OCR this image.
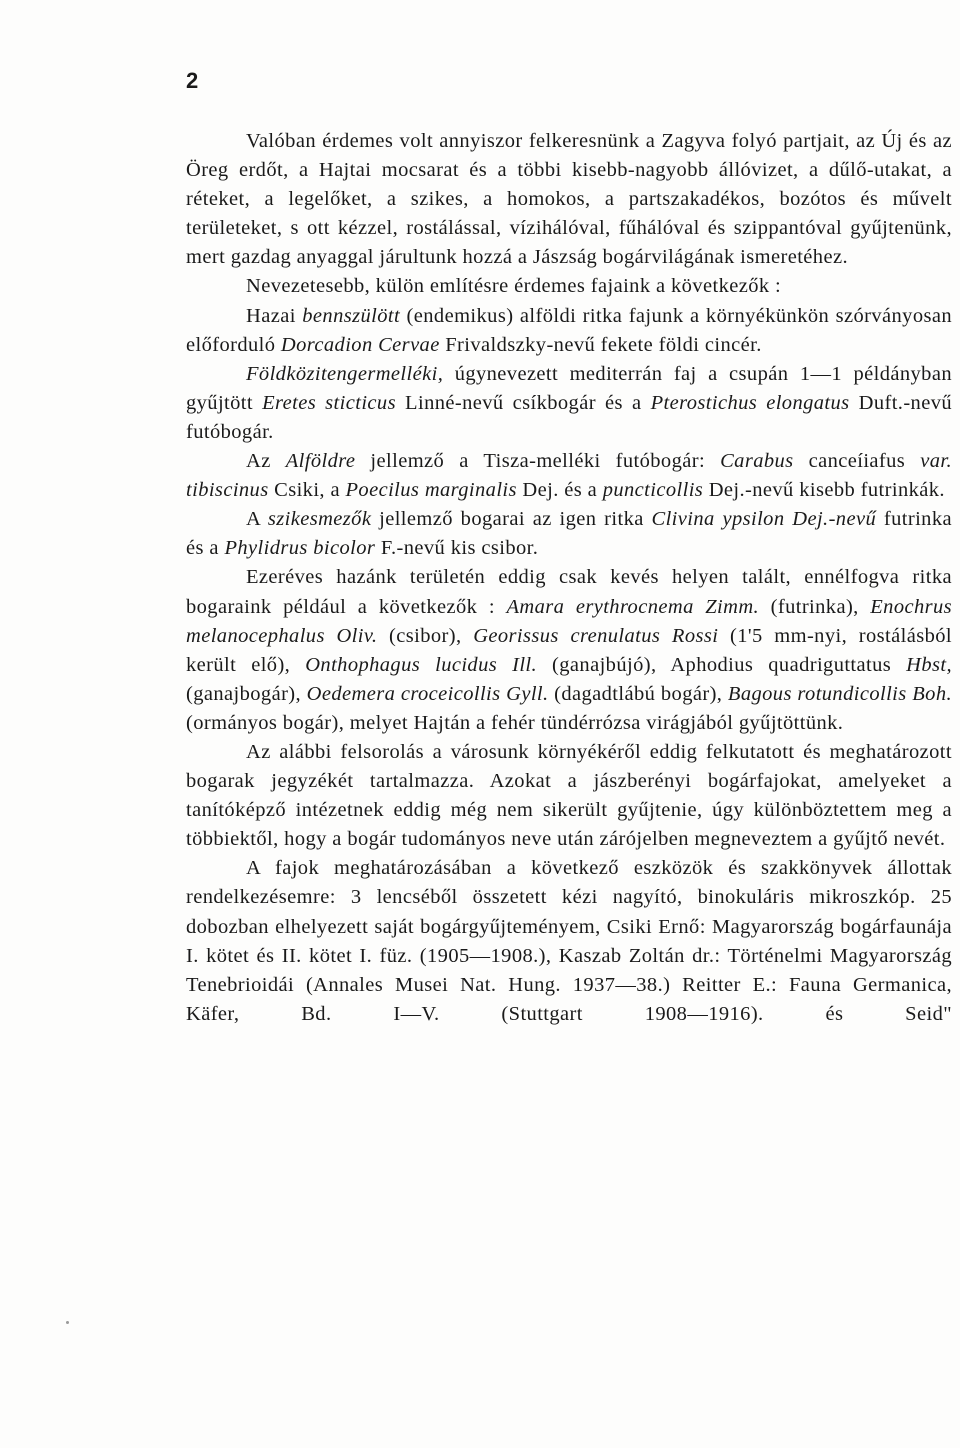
2

Valóban érdemes volt annyiszor felkeresnünk a Zagyva folyó partjait, az Új és az Öreg erdőt, a Hajtai mocsarat és a többi kisebb-nagyobb állóvizet, a dűlő-utakat, a réteket, a legelőket, a szikes, a homokos, a partszakadékos, bozótos és művelt területeket, s ott kézzel, rostálással, vízihálóval, fűhálóval és szippantóval gyűjtenünk, mert gazdag anyaggal járultunk hozzá a Jászság bogárvilágának ismeretéhez.

Nevezetesebb, külön említésre érdemes fajaink a következők :

Hazai bennszülött (endemikus) alföldi ritka fajunk a környékünkön szórványosan előforduló Dorcadion Cervae Frivaldszky-nevű fekete földi cincér.

Földközitengermelléki, úgynevezett mediterrán faj a csupán 1—1 példányban gyűjtött Eretes sticticus Linné-nevű csíkbogár és a Pterostichus elongatus Duft.-nevű futóbogár.

Az Alföldre jellemző a Tisza-melléki futóbogár: Carabus canceíiafus var. tibiscinus Csiki, a Poecilus marginalis Dej. és a puncticollis Dej.-nevű kisebb futrinkák.

A szikesmezők jellemző bogarai az igen ritka Clivina ypsilon Dej.-nevű futrinka és a Phylidrus bicolor F.-nevű kis csibor.

Ezeréves hazánk területén eddig csak kevés helyen talált, ennélfogva ritka bogaraink például a következők : Amara erythrocnema Zimm. (futrinka), Enochrus melanocephalus Oliv. (csibor), Georissus crenulatus Rossi (1'5 mm-nyi, rostálásból került elő), Onthophagus lucidus Ill. (ganajbújó), Aphodius quadriguttatus Hbst, (ganajbogár), Oedemera croceicollis Gyll. (dagadtlábú bogár), Bagous rotundicollis Boh. (ormányos bogár), melyet Hajtán a fehér tündérrózsa virágjából gyűjtöttünk.

Az alábbi felsorolás a városunk környékéről eddig felkutatott és meghatározott bogarak jegyzékét tartalmazza. Azokat a jászberényi bogárfajokat, amelyeket a tanítóképző intézetnek eddig még nem sikerült gyűjtenie, úgy különböztettem meg a többiektől, hogy a bogár tudományos neve után zárójelben megneveztem a gyűjtő nevét.

A fajok meghatározásában a következő eszközök és szakkönyvek állottak rendelkezésemre: 3 lencséből összetett kézi nagyító, binokuláris mikroszkóp. 25 dobozban elhelyezett saját bogárgyűjteményem, Csiki Ernő: Magyarország bogárfaunája I. kötet és II. kötet I. füz. (1905—1908.), Kaszab Zoltán dr.: Történelmi Magyarország Tenebrioidái (Annales Musei Nat. Hung. 1937—38.) Reitter E.: Fauna Germanica, Käfer, Bd. I—V. (Stuttgart 1908—1916). és Seid"
